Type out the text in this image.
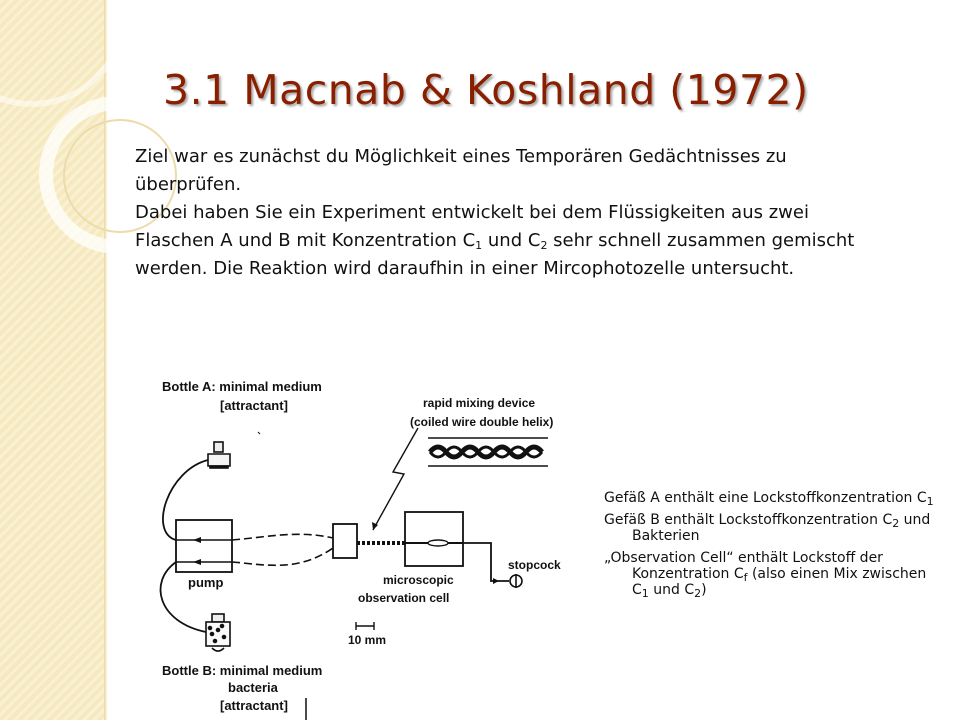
3.1 Macnab & Koshland (1972)

Ziel war es zunächst du Möglichkeit eines Temporären Gedächtnisses zu überprüfen.

Dabei haben Sie ein Experiment entwickelt bei dem Flüssigkeiten aus zwei Flaschen A und B mit Konzentration $C_1$ und $C_2$ sehr schnell zusammen gemischt werden. Die Reaktion wird daraufhin in einer Mircophotozelle untersucht.

Bottle A: minimal medium
[attractant]	rapid mixing device
(coiled wire double helix)
pump	microscopic
observation cell
stopcock
10 mm
Bottle B: minimal medium
bacteria
[attractant]
Gefäß A enthält eine Lockstoffkonzentration $C_1$
Gefäß B enthält Lockstoffkonzentration $C_2$ und Bakterien
„Observation Cell“ enthält Lockstoff der Konzentration $C_f$ (also einen Mix zwischen $C_1$ und $C_2$)
